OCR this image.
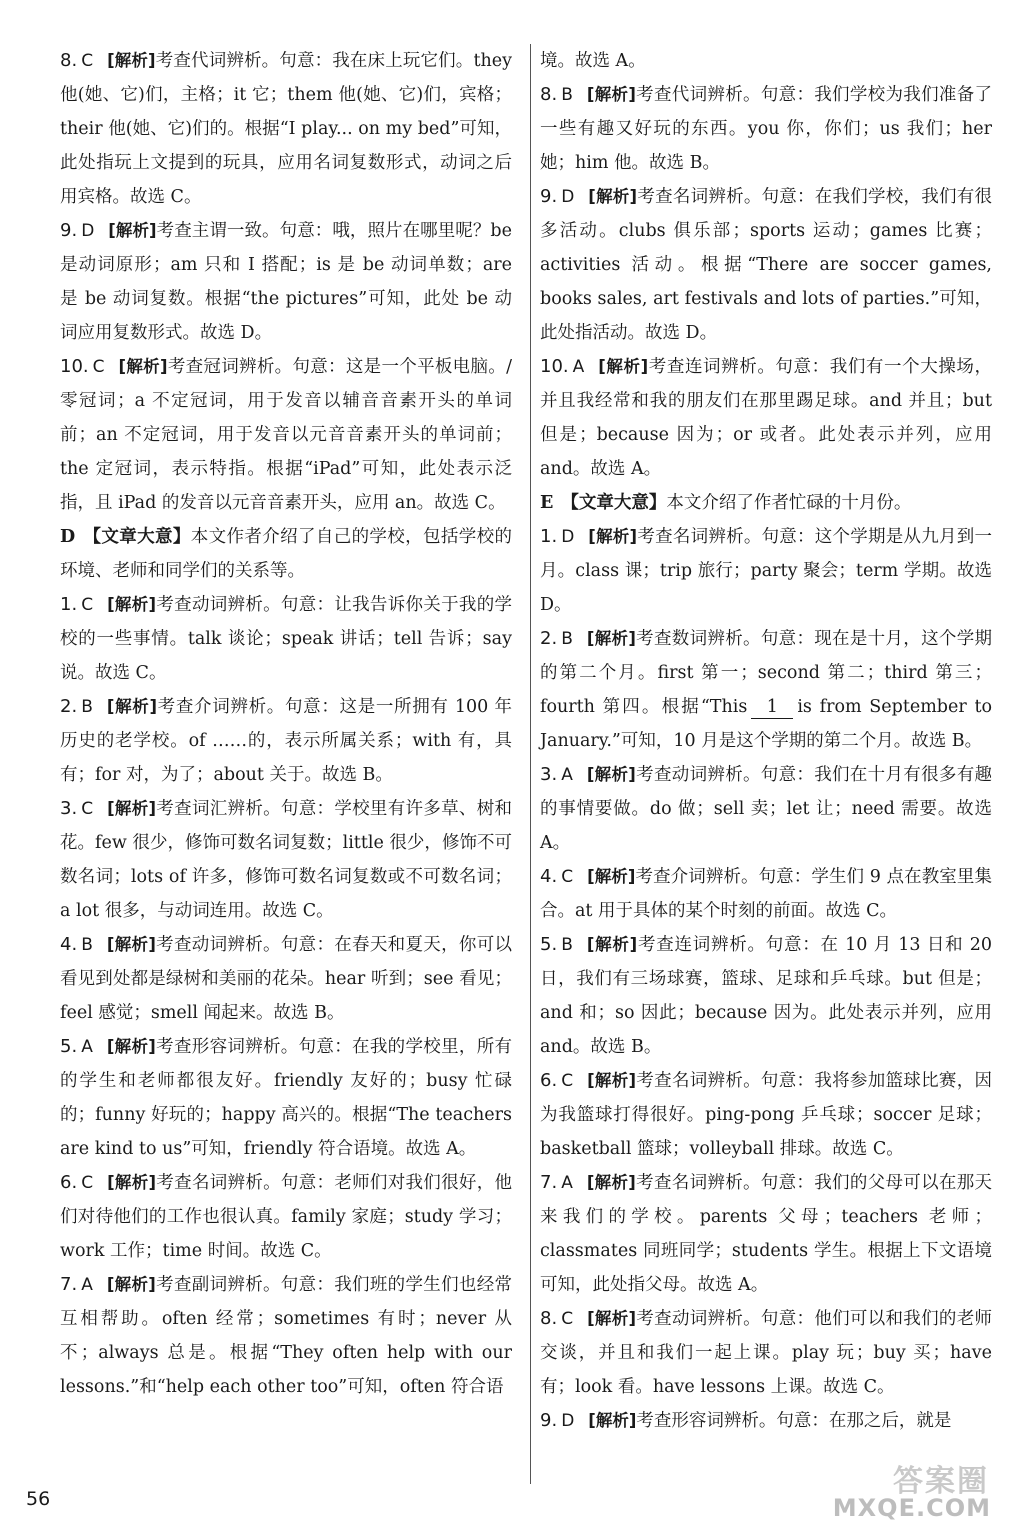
8. C [解析]考查代词辨析。句意：我在床上玩它们。they 他(她、它)们，主格；it 它；them 他(她、它)们，宾格；their 他(她、它)们的。根据“I play... on my bed”可知，此处指玩上文提到的玩具，应用名词复数形式，动词之后用宾格。故选 C。

9. D [解析]考查主谓一致。句意：哦，照片在哪里呢？be 是动词原形；am 只和 I 搭配；is 是 be 动词单数；are 是 be 动词复数。根据“the pictures”可知，此处 be 动词应用复数形式。故选 D。

10. C [解析]考查冠词辨析。句意：这是一个平板电脑。/零冠词；a 不定冠词，用于发音以辅音音素开头的单词前；an 不定冠词，用于发音以元音音素开头的单词前；the 定冠词，表示特指。根据“iPad”可知，此处表示泛指，且 iPad 的发音以元音音素开头，应用 an。故选 C。

D 【文章大意】本文作者介绍了自己的学校，包括学校的环境、老师和同学们的关系等。

1. C [解析]考查动词辨析。句意：让我告诉你关于我的学校的一些事情。talk 谈论；speak 讲话；tell 告诉；say 说。故选 C。

2. B [解析]考查介词辨析。句意：这是一所拥有 100 年历史的老学校。of ……的，表示所属关系；with 有，具有；for 对，为了；about 关于。故选 B。

3. C [解析]考查词汇辨析。句意：学校里有许多草、树和花。few 很少，修饰可数名词复数；little 很少，修饰不可数名词；lots of 许多，修饰可数名词复数或不可数名词；a lot 很多，与动词连用。故选 C。

4. B [解析]考查动词辨析。句意：在春天和夏天，你可以看见到处都是绿树和美丽的花朵。hear 听到；see 看见；feel 感觉；smell 闻起来。故选 B。

5. A [解析]考查形容词辨析。句意：在我的学校里，所有的学生和老师都很友好。friendly 友好的；busy 忙碌的；funny 好玩的；happy 高兴的。根据“The teachers are kind to us”可知，friendly 符合语境。故选 A。

6. C [解析]考查名词辨析。句意：老师们对我们很好，他们对待他们的工作也很认真。family 家庭；study 学习；work 工作；time 时间。故选 C。

7. A [解析]考查副词辨析。句意：我们班的学生们也经常互相帮助。often 经常；sometimes 有时；never 从不；always 总是。根据“They often help with our lessons.”和“help each other too”可知，often 符合语

境。故选 A。

8. B [解析]考查代词辨析。句意：我们学校为我们准备了一些有趣又好玩的东西。you 你，你们；us 我们；her 她；him 他。故选 B。

9. D [解析]考查名词辨析。句意：在我们学校，我们有很多活动。clubs 俱乐部；sports 运动；games 比赛；activities 活动。根据“There are soccer games, books sales, art festivals and lots of parties.”可知，此处指活动。故选 D。

10. A [解析]考查连词辨析。句意：我们有一个大操场，并且我经常和我的朋友们在那里踢足球。and 并且；but 但是；because 因为；or 或者。此处表示并列，应用 and。故选 A。

E 【文章大意】本文介绍了作者忙碌的十月份。

1. D [解析]考查名词辨析。句意：这个学期是从九月到一月。class 课；trip 旅行；party 聚会；term 学期。故选 D。

2. B [解析]考查数词辨析。句意：现在是十月，这个学期的第二个月。first 第一；second 第二；third 第三；fourth 第四。根据“This 1 is from September to January.”可知，10 月是这个学期的第二个月。故选 B。

3. A [解析]考查动词辨析。句意：我们在十月有很多有趣的事情要做。do 做；sell 卖；let 让；need 需要。故选 A。

4. C [解析]考查介词辨析。句意：学生们 9 点在教室里集合。at 用于具体的某个时刻的前面。故选 C。

5. B [解析]考查连词辨析。句意：在 10 月 13 日和 20 日，我们有三场球赛，篮球、足球和乒乓球。but 但是；and 和；so 因此；because 因为。此处表示并列，应用 and。故选 B。

6. C [解析]考查名词辨析。句意：我将参加篮球比赛，因为我篮球打得很好。ping-pong 乒乓球；soccer 足球；basketball 篮球；volleyball 排球。故选 C。

7. A [解析]考查名词辨析。句意：我们的父母可以在那天来我们的学校。parents 父母；teachers 老师；classmates 同班同学；students 学生。根据上下文语境可知，此处指父母。故选 A。

8. C [解析]考查动词辨析。句意：他们可以和我们的老师交谈，并且和我们一起上课。play 玩；buy 买；have 有；look 看。have lessons 上课。故选 C。

9. D [解析]考查形容词辨析。句意：在那之后，就是

56	答案圈
MXQE.COM
